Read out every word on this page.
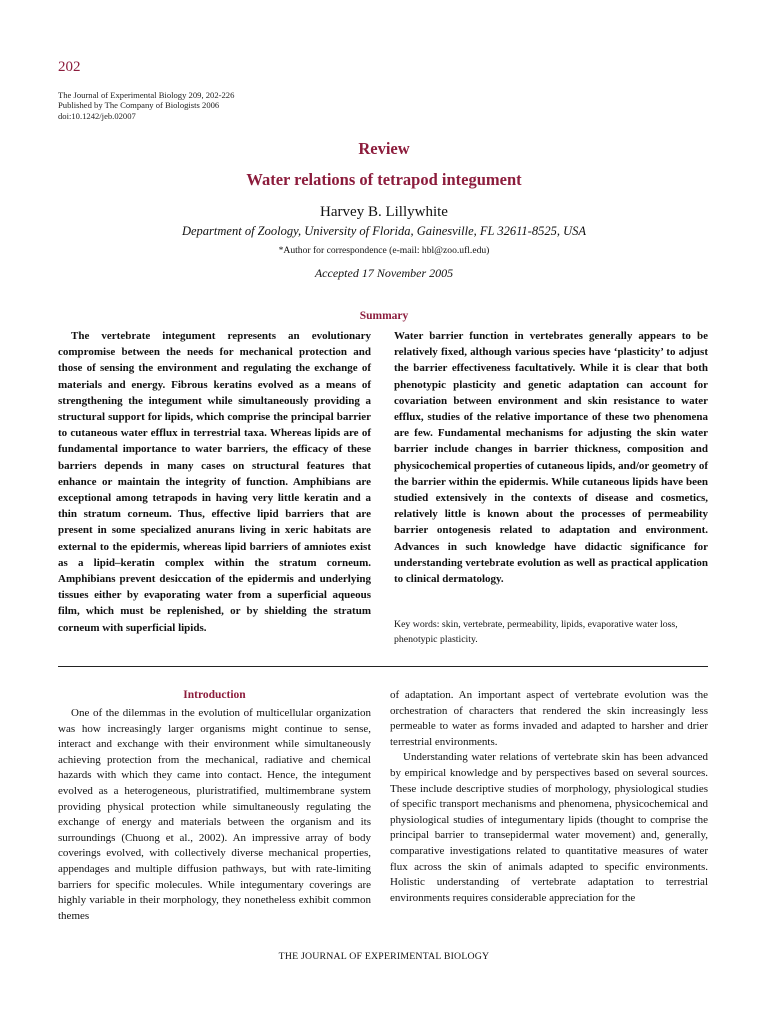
202
The Journal of Experimental Biology 209, 202-226
Published by The Company of Biologists 2006
doi:10.1242/jeb.02007
Review
Water relations of tetrapod integument
Harvey B. Lillywhite
Department of Zoology, University of Florida, Gainesville, FL 32611-8525, USA
*Author for correspondence (e-mail: hbl@zoo.ufl.edu)
Accepted 17 November 2005
Summary

The vertebrate integument represents an evolutionary compromise between the needs for mechanical protection and those of sensing the environment and regulating the exchange of materials and energy. Fibrous keratins evolved as a means of strengthening the integument while simultaneously providing a structural support for lipids, which comprise the principal barrier to cutaneous water efflux in terrestrial taxa. Whereas lipids are of fundamental importance to water barriers, the efficacy of these barriers depends in many cases on structural features that enhance or maintain the integrity of function. Amphibians are exceptional among tetrapods in having very little keratin and a thin stratum corneum. Thus, effective lipid barriers that are present in some specialized anurans living in xeric habitats are external to the epidermis, whereas lipid barriers of amniotes exist as a lipid–keratin complex within the stratum corneum. Amphibians prevent desiccation of the epidermis and underlying tissues either by evaporating water from a superficial aqueous film, which must be replenished, or by shielding the stratum corneum with superficial lipids.

Water barrier function in vertebrates generally appears to be relatively fixed, although various species have ‘plasticity’ to adjust the barrier effectiveness facultatively. While it is clear that both phenotypic plasticity and genetic adaptation can account for covariation between environment and skin resistance to water efflux, studies of the relative importance of these two phenomena are few. Fundamental mechanisms for adjusting the skin water barrier include changes in barrier thickness, composition and physicochemical properties of cutaneous lipids, and/or geometry of the barrier within the epidermis. While cutaneous lipids have been studied extensively in the contexts of disease and cosmetics, relatively little is known about the processes of permeability barrier ontogenesis related to adaptation and environment. Advances in such knowledge have didactic significance for understanding vertebrate evolution as well as practical application to clinical dermatology.

Key words: skin, vertebrate, permeability, lipids, evaporative water loss, phenotypic plasticity.

Introduction

One of the dilemmas in the evolution of multicellular organization was how increasingly larger organisms might continue to sense, interact and exchange with their environment while simultaneously achieving protection from the mechanical, radiative and chemical hazards with which they came into contact. Hence, the integument evolved as a heterogeneous, pluristratified, multimembrane system providing physical protection while simultaneously regulating the exchange of energy and materials between the organism and its surroundings (Chuong et al., 2002). An impressive array of body coverings evolved, with collectively diverse mechanical properties, appendages and multiple diffusion pathways, but with rate-limiting barriers for specific molecules. While integumentary coverings are highly variable in their morphology, they nonetheless exhibit common themes

of adaptation. An important aspect of vertebrate evolution was the orchestration of characters that rendered the skin increasingly less permeable to water as forms invaded and adapted to harsher and drier terrestrial environments.

Understanding water relations of vertebrate skin has been advanced by empirical knowledge and by perspectives based on several sources. These include descriptive studies of morphology, physiological studies of specific transport mechanisms and phenomena, physicochemical and physiological studies of integumentary lipids (thought to comprise the principal barrier to transepidermal water movement) and, generally, comparative investigations related to quantitative measures of water flux across the skin of animals adapted to specific environments. Holistic understanding of vertebrate adaptation to terrestrial environments requires considerable appreciation for the

THE JOURNAL OF EXPERIMENTAL BIOLOGY
